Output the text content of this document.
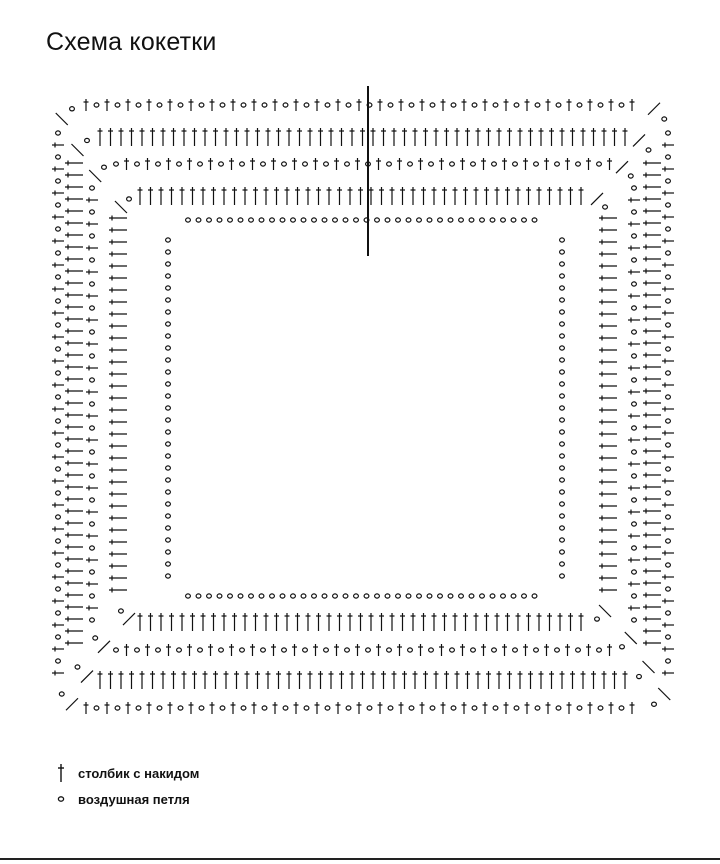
Схема кокетки
столбик с накидом
воздушная петля
